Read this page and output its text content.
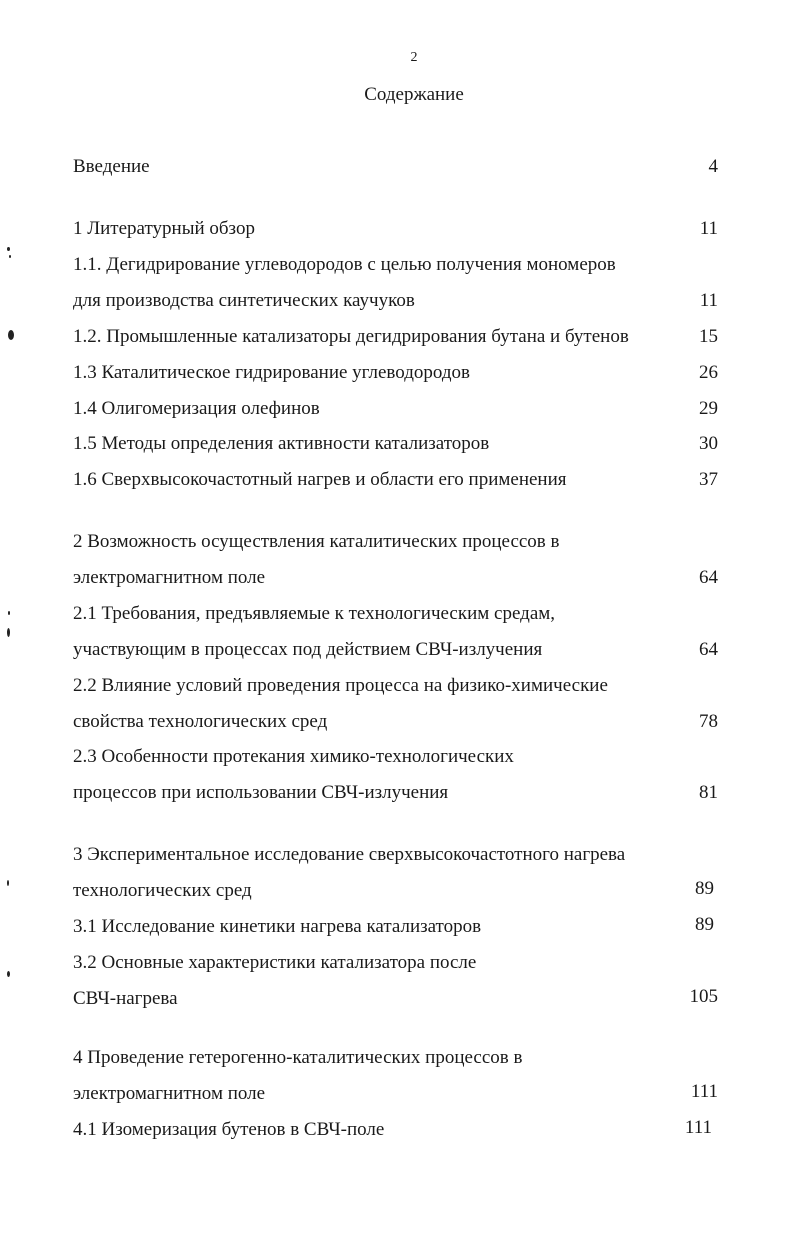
2
Содержание
Введение	4
1 Литературный обзор	11
1.1. Дегидрирование углеводородов с целью получения мономеров
для производства синтетических каучуков	11
1.2. Промышленные катализаторы дегидрирования бутана и бутенов	15
1.3 Каталитическое гидрирование углеводородов	26
1.4 Олигомеризация олефинов	29
1.5 Методы определения активности катализаторов	30
1.6 Сверхвысокочастотный нагрев и области его применения	37
2 Возможность осуществления каталитических процессов в
электромагнитном поле	64
2.1 Требования, предъявляемые к технологическим средам,
участвующим в процессах под действием СВЧ-излучения	64
2.2 Влияние условий проведения процесса на физико-химические
свойства технологических сред	78
2.3 Особенности протекания химико-технологических
процессов при использовании СВЧ-излучения	81
3 Экспериментальное исследование сверхвысокочастотного нагрева
технологических сред	89
3.1 Исследование кинетики нагрева катализаторов	89
3.2 Основные характеристики катализатора после
СВЧ-нагрева	105
4 Проведение гетерогенно-каталитических процессов в
электромагнитном поле	111
4.1 Изомеризация бутенов в СВЧ-поле	111
